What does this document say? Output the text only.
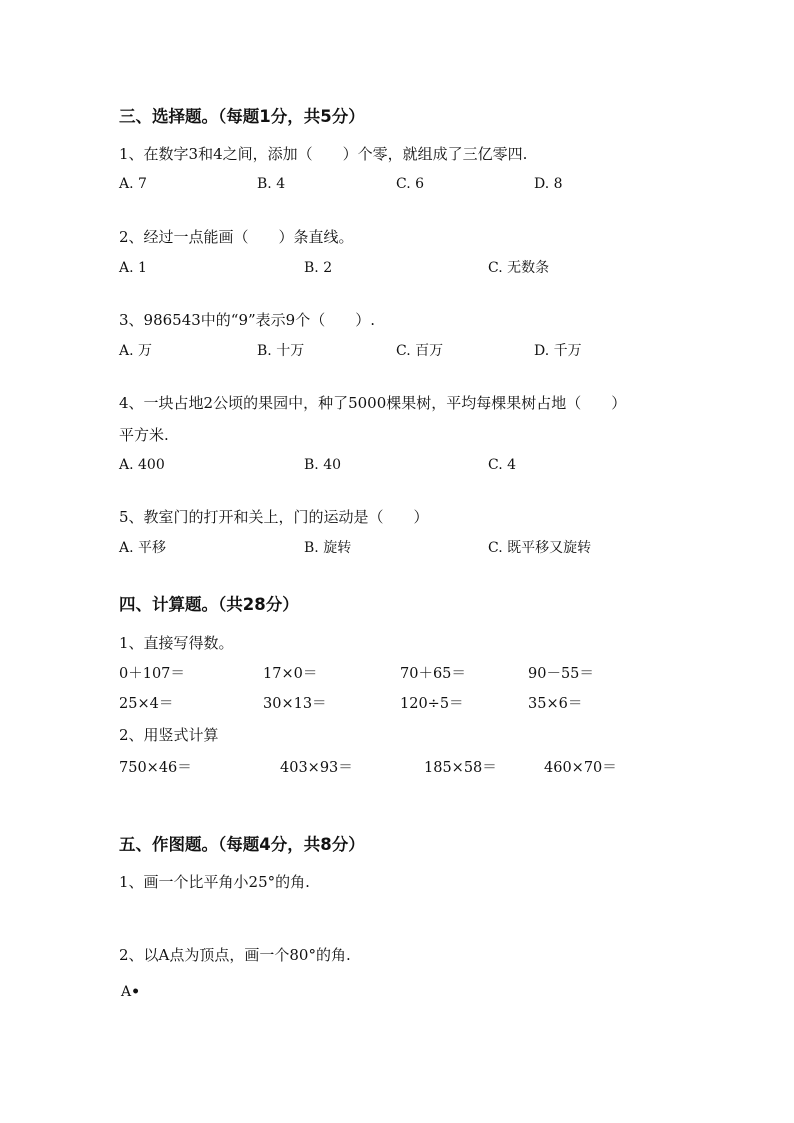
三、选择题。（每题1分，共5分）
1、在数字3和4之间，添加（　　）个零，就组成了三亿零四.
A. 7	B. 4	C. 6	D. 8
2、经过一点能画（　　）条直线。
A. 1	B. 2	C. 无数条
3、986543中的“9”表示9个（　　）.
A. 万	B. 十万	C. 百万	D. 千万
4、一块占地2公顷的果园中，种了5000棵果树，平均每棵果树占地（　　）
平方米.
A. 400	B. 40	C. 4
5、教室门的打开和关上，门的运动是（　　）
A. 平移	B. 旋转	C. 既平移又旋转
四、计算题。（共28分）
1、直接写得数。
0＋107＝	17×0＝	70＋65＝	90－55＝
25×4＝	30×13＝	120÷5＝	35×6＝
2、用竖式计算
750×46＝	403×93＝	185×58＝	460×70＝
五、作图题。（每题4分，共8分）
1、画一个比平角小25°的角.
2、以A点为顶点，画一个80°的角.
A•
